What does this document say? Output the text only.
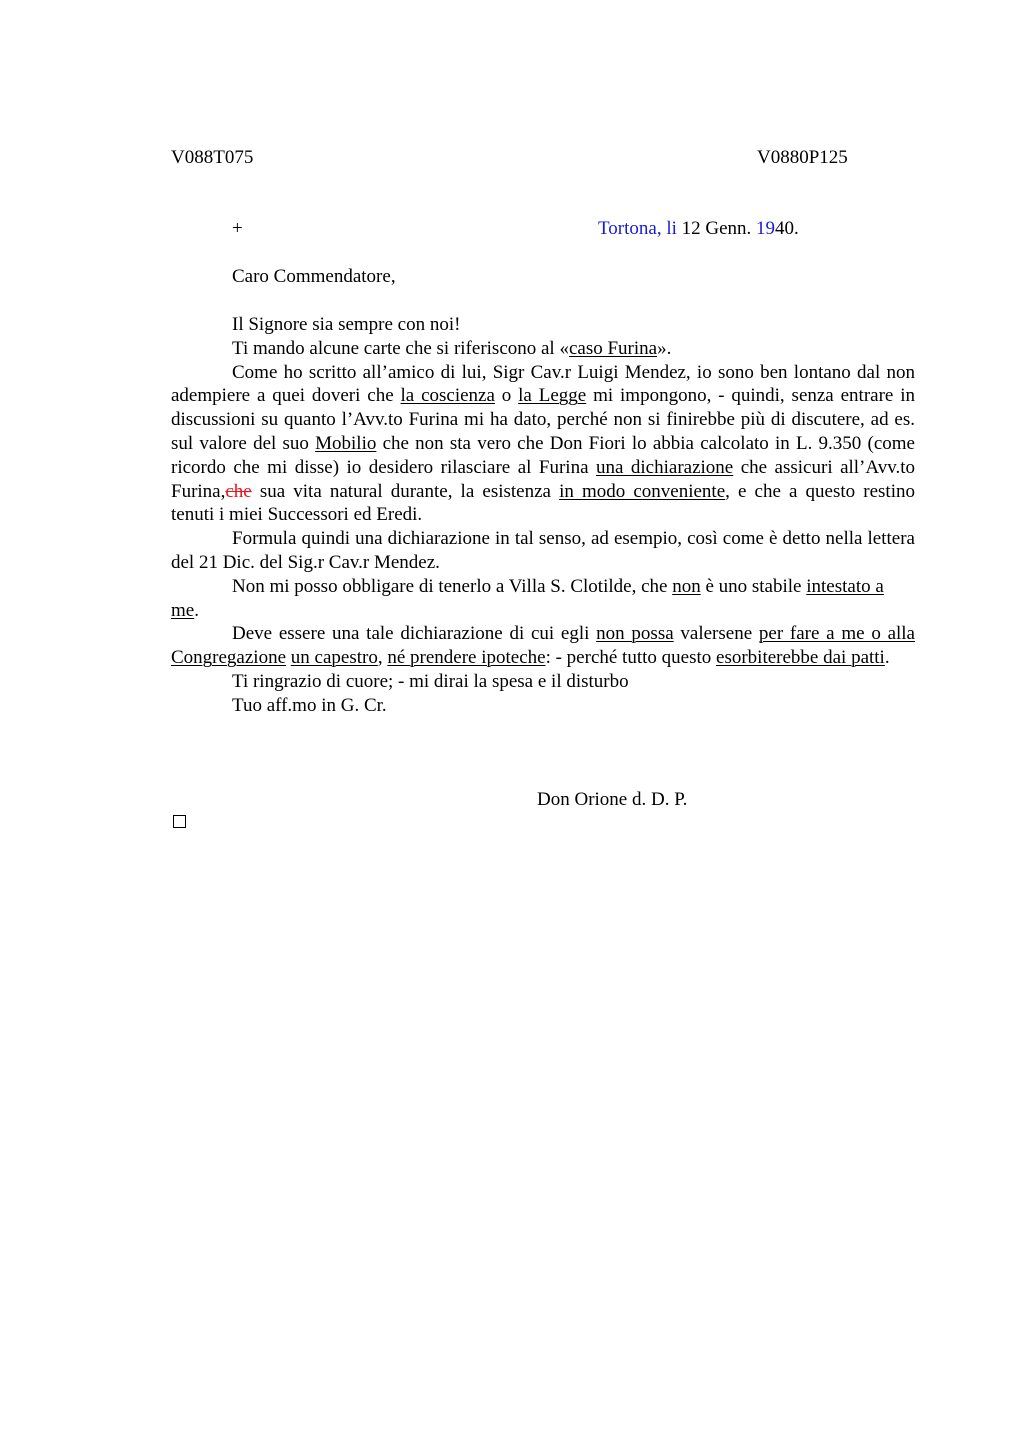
V088T075	V0880P125
+	Tortona, li 12 Genn. 1940.
Caro Commendatore,

Il Signore sia sempre con noi!

Ti mando alcune carte che si riferiscono al «caso Furina».

Come ho scritto all’amico di lui, Sigr Cav.r Luigi Mendez, io sono ben lontano dal non adempiere a quei doveri che la coscienza o la Legge mi impongono, - quindi, senza entrare in discussioni su quanto l’Avv.to Furina mi ha dato, perché non si finirebbe più di discutere, ad es. sul valore del suo Mobilio che non sta vero che Don Fiori lo abbia calcolato in L. 9.350 (come ricordo che mi disse) io desidero rilasciare al Furina una dichiarazione che assicuri all’Avv.to Furina,che sua vita natural durante, la esistenza in modo conveniente, e che a questo restino tenuti i miei Successori ed Eredi.

Formula quindi una dichiarazione in tal senso, ad esempio, così come è detto nella lettera del 21 Dic. del Sig.r Cav.r Mendez.

Non mi posso obbligare di tenerlo a Villa S. Clotilde, che non è uno stabile intestato a me.

Deve essere una tale dichiarazione di cui egli non possa valersene per fare a me o alla Congregazione un capestro, né prendere ipoteche: - perché tutto questo esorbiterebbe dai patti.

Ti ringrazio di cuore; - mi dirai la spesa e il disturbo

Tuo aff.mo in G. Cr.

Don Orione d. D. P.
